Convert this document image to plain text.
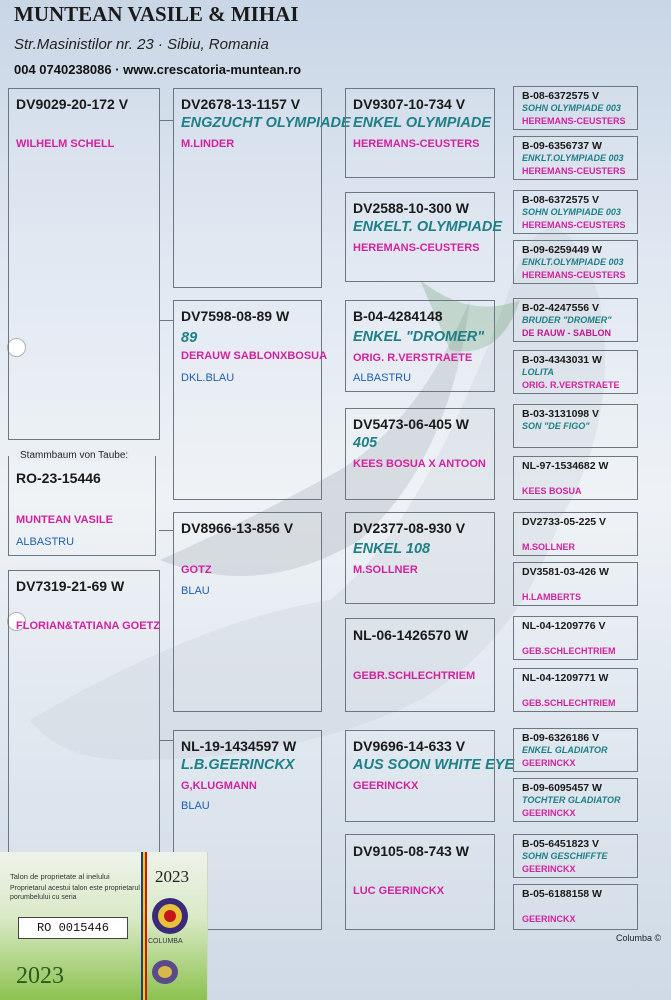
MUNTEAN VASILE & MIHAI
Str.Masinistilor nr. 23 · Sibiu, Romania
004 0740238086 · www.crescatoria-muntean.ro
DV9029-20-172 V
WILHELM SCHELL
Stammbaum von Taube:
RO-23-15446
MUNTEAN VASILE
ALBASTRU
DV7319-21-69 W
FLORIAN&TATIANA GOETZ
DV2678-13-1157 V
ENGZUCHT OLYMPIADE
M.LINDER
DV7598-08-89 W
89
DERAUW SABLONXBOSUA
DKL.BLAU
DV8966-13-856 V
GOTZ
BLAU
NL-19-1434597 W
L.B.GEERINCKX
G,KLUGMANN
BLAU
DV9307-10-734 V
ENKEL OLYMPIADE
HEREMANS-CEUSTERS
DV2588-10-300 W
ENKELT. OLYMPIADE
HEREMANS-CEUSTERS
B-04-4284148
ENKEL "DROMER"
ORIG. R.VERSTRAETE
ALBASTRU
DV5473-06-405 W
405
KEES BOSUA X ANTOON
DV2377-08-930 V
ENKEL 108
M.SOLLNER
NL-06-1426570 W
GEBR.SCHLECHTRIEM
DV9696-14-633 V
AUS SOON WHITE EYE
GEERINCKX
DV9105-08-743 W
LUC GEERINCKX
B-08-6372575 V
SOHN OLYMPIADE 003
HEREMANS-CEUSTERS
B-09-6356737 W
ENKLT.OLYMPIADE 003
HEREMANS-CEUSTERS
B-08-6372575 V
SOHN OLYMPIADE 003
HEREMANS-CEUSTERS
B-09-6259449 W
ENKLT.OLYMPIADE 003
HEREMANS-CEUSTERS
B-02-4247556 V
BRUDER "DROMER"
DE RAUW - SABLON
B-03-4343031 W
LOLITA
ORIG. R.VERSTRAETE
B-03-3131098 V
SON "DE FIGO"
NL-97-1534682 W
KEES BOSUA
DV2733-05-225 V
M.SOLLNER
DV3581-03-426 W
H.LAMBERTS
NL-04-1209776 V
GEB.SCHLECHTRIEM
NL-04-1209771 W
GEB.SCHLECHTRIEM
B-09-6326186 V
ENKEL GLADIATOR
GEERINCKX
B-09-6095457 W
TOCHTER GLADIATOR
GEERINCKX
B-05-6451823 V
SOHN GESCHIFFTE
GEERINCKX
B-05-6188158 W
GEERINCKX
Talon de proprietate al inelului
Proprietarul acestui talon este proprietarul porumbelului cu seria
RO 0015446
2023
COLUMBA
2023
Columba ©
